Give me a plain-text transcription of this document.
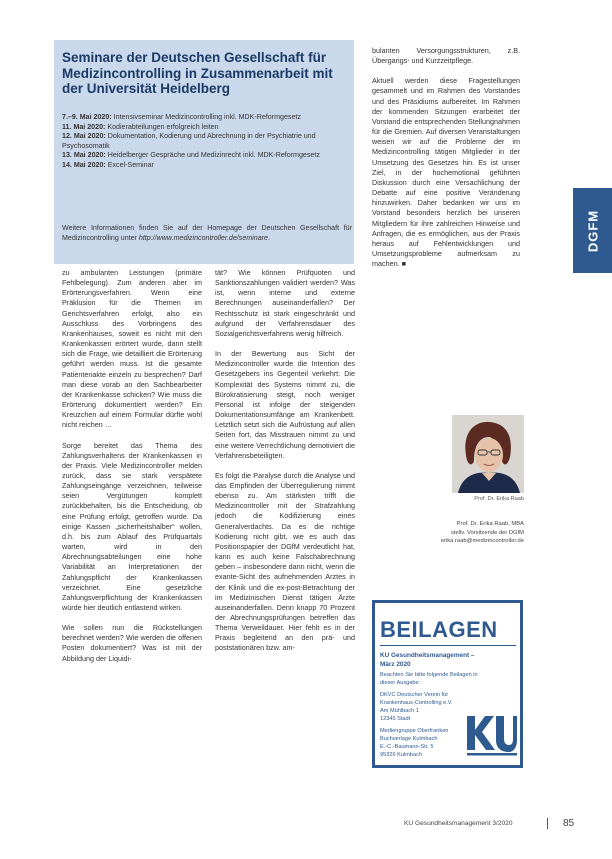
Seminare der Deutschen Gesellschaft für Medizincontrolling in Zusammenarbeit mit der Universität Heidelberg
7.–9. Mai 2020: Intensivseminar Medizincontrolling inkl. MDK-Reformgesetz
11. Mai 2020: Kodierabteilungen erfolgreich leiten
12. Mai 2020: Dokumentation, Kodierung und Abrechnung in der Psychiatrie und Psychosomatik
13. Mai 2020: Heidelberger Gespräche und Medizinrecht inkl. MDK-Reformgesetz
14. Mai 2020: Excel-Seminar
Weitere Informationen finden Sie auf der Homepage der Deutschen Gesellschaft für Medizincontrolling unter http://www.medizincontroller.de/seminare.

zu ambulanten Leistungen (primäre Fehlbelegung). Zum anderen aber im Erörterungsverfahren. Wenn eine Präklusion für die Themen im Gerichtsverfahren erfolgt, also ein Ausschluss des Vorbringens des Krankenhauses, soweit es nicht mit den Krankenkassen erörtert wurde, dann stellt sich die Frage, wie detailliert die Erörterung geführt werden muss. Ist die gesamte Patientenakte einzeln zu besprechen? Darf man diese vorab an den Sachbearbeiter der Krankenkasse schicken? Wie muss die Erörterung dokumentiert werden? Ein Kreuzchen auf einem Formular dürfte wohl nicht reichen …

Sorge bereitet das Thema des Zahlungsverhaltens der Krankenkassen in der Praxis. Viele Medizincontroller melden zurück, dass sie stark verspätete Zahlungseingänge verzeichnen, teilweise seien Vergütungen komplett zurückbehalten, bis die Entscheidung, ob eine Prüfung erfolgt, getroffen wurde. Da einige Kassen „sicherheitshalber“ wollen, d.h. bis zum Ablauf des Prüfquartals warten, wird in den Abrechnungsabteilungen eine hohe Variabilität an Interpretationen der Zahlungspflicht der Krankenkassen verzeichnet. Eine gesetzliche Zahlungsverpflichtung der Krankenkassen würde hier deutlich entlastend wirken.

Wie sollen nun die Rückstellungen berechnet werden? Wie werden die offenen Posten dokumentiert? Was ist mit der Abbildung der Liquidi-

tät? Wie können Prüfquoten und Sanktionszahlungen validiert werden? Was ist, wenn interne und externe Berechnungen auseinanderfallen? Der Rechtsschutz ist stark eingeschränkt und aufgrund der Verfahrensdauer des Sozialgerichtsverfahrens wenig hilfreich.

In der Bewertung aus Sicht der Medizincontroller wurde die Intention des Gesetzgebers ins Gegenteil verkehrt: Die Komplexität des Systems nimmt zu, die Bürokratisierung steigt, noch weniger Personal ist infolge der steigenden Dokumentationsumfänge am Krankenbett. Letztlich setzt sich die Aufrüstung auf allen Seiten fort, das Misstrauen nimmt zu und eine weitere Verrechtlichung demotiviert die Verfahrensbeteiligten.

Es folgt die Paralyse durch die Analyse und das Empfinden der Überregulierung nimmt ebenso zu. Am stärksten trifft die Medizincontroller mit der Strafzahlung jedoch die Kodifizierung eines Generalverdachts. Da es die richtige Kodierung nicht gibt, wie es auch das Positionspapier der DGfM verdeutlicht hat, kann es auch keine Falschabrechnung geben – insbesondere dann nicht, wenn die exante-Sicht des aufnehmenden Arztes in der Klinik und die ex-post-Betrachtung der im Medizinischen Dienst tätigen Ärzte auseinanderfallen. Denn knapp 70 Prozent der Abrechnungsprüfungen betreffen das Thema Verweildauer. Hier fehlt es in der Praxis begleitend an den prä- und poststationären bzw. am-

bulanten Versorgungsstrukturen, z.B. Übergangs- und Kurzzeitpflege.

Aktuell werden diese Fragestellungen gesammelt und im Rahmen des Vorstandes und des Präsidiums aufbereitet. Im Rahmen der kommenden Sitzungen erarbeitet der Vorstand die entsprechenden Stellungnahmen für die Gremien. Auf diversen Veranstaltungen weisen wir auf die Probleme der im Medizincontrolling tätigen Mitglieder in der Umsetzung des Gesetzes hin. Es ist unser Ziel, in der hochemotional geführten Diskussion durch eine Versachlichung der Debatte auf eine positive Veränderung hinzuwirken. Daher bedanken wir uns im Vorstand besonders herzlich bei unseren Mitgliedern für ihre zahlreichen Hinweise und Anfragen, die es ermöglichen, aus der Praxis heraus auf Fehlentwicklungen und Umsetzungsprobleme aufmerksam zu machen. ■

DGFM
Prof. Dr. Erika Raab
Prof. Dr. Erika Raab, MBA
stellv. Vorsitzende der DGfM
erika.raab@medizincontroller.de
BEILAGEN
KU Gesundheitsmanagement – März 2020
Beachten Sie bitte folgende Beilagen in dieser Ausgabe:
DKVC Deutscher Verein für Krankenhaus-Controlling e.V.
Am Mühlbach 1
12345 Stadt
Mediengruppe Oberfranken
Buchverlage Kulmbach
E.-C.-Baumann-Str. 5
95326 Kulmbach
KU Gesundheitsmanagement 3/2020	85
